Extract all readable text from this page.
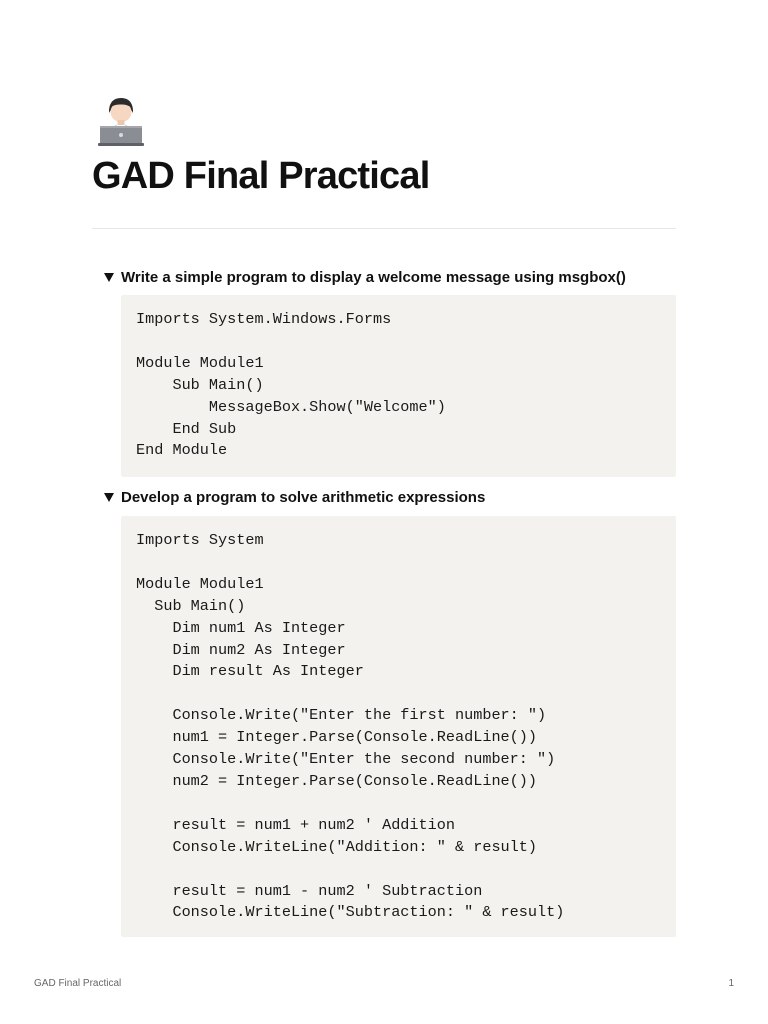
GAD Final Practical
Write a simple program to display a welcome message using msgbox()
Imports System.Windows.Forms

Module Module1
Sub Main()
MessageBox.Show("Welcome")
End Sub
End Module
Develop a program to solve arithmetic expressions
Imports System

Module Module1
Sub Main()
Dim num1 As Integer
Dim num2 As Integer
Dim result As Integer

Console.Write("Enter the first number: ")
num1 = Integer.Parse(Console.ReadLine())
Console.Write("Enter the second number: ")
num2 = Integer.Parse(Console.ReadLine())

result = num1 + num2 ' Addition
Console.WriteLine("Addition: " & result)

result = num1 - num2 ' Subtraction
Console.WriteLine("Subtraction: " & result)
GAD Final Practical	1
